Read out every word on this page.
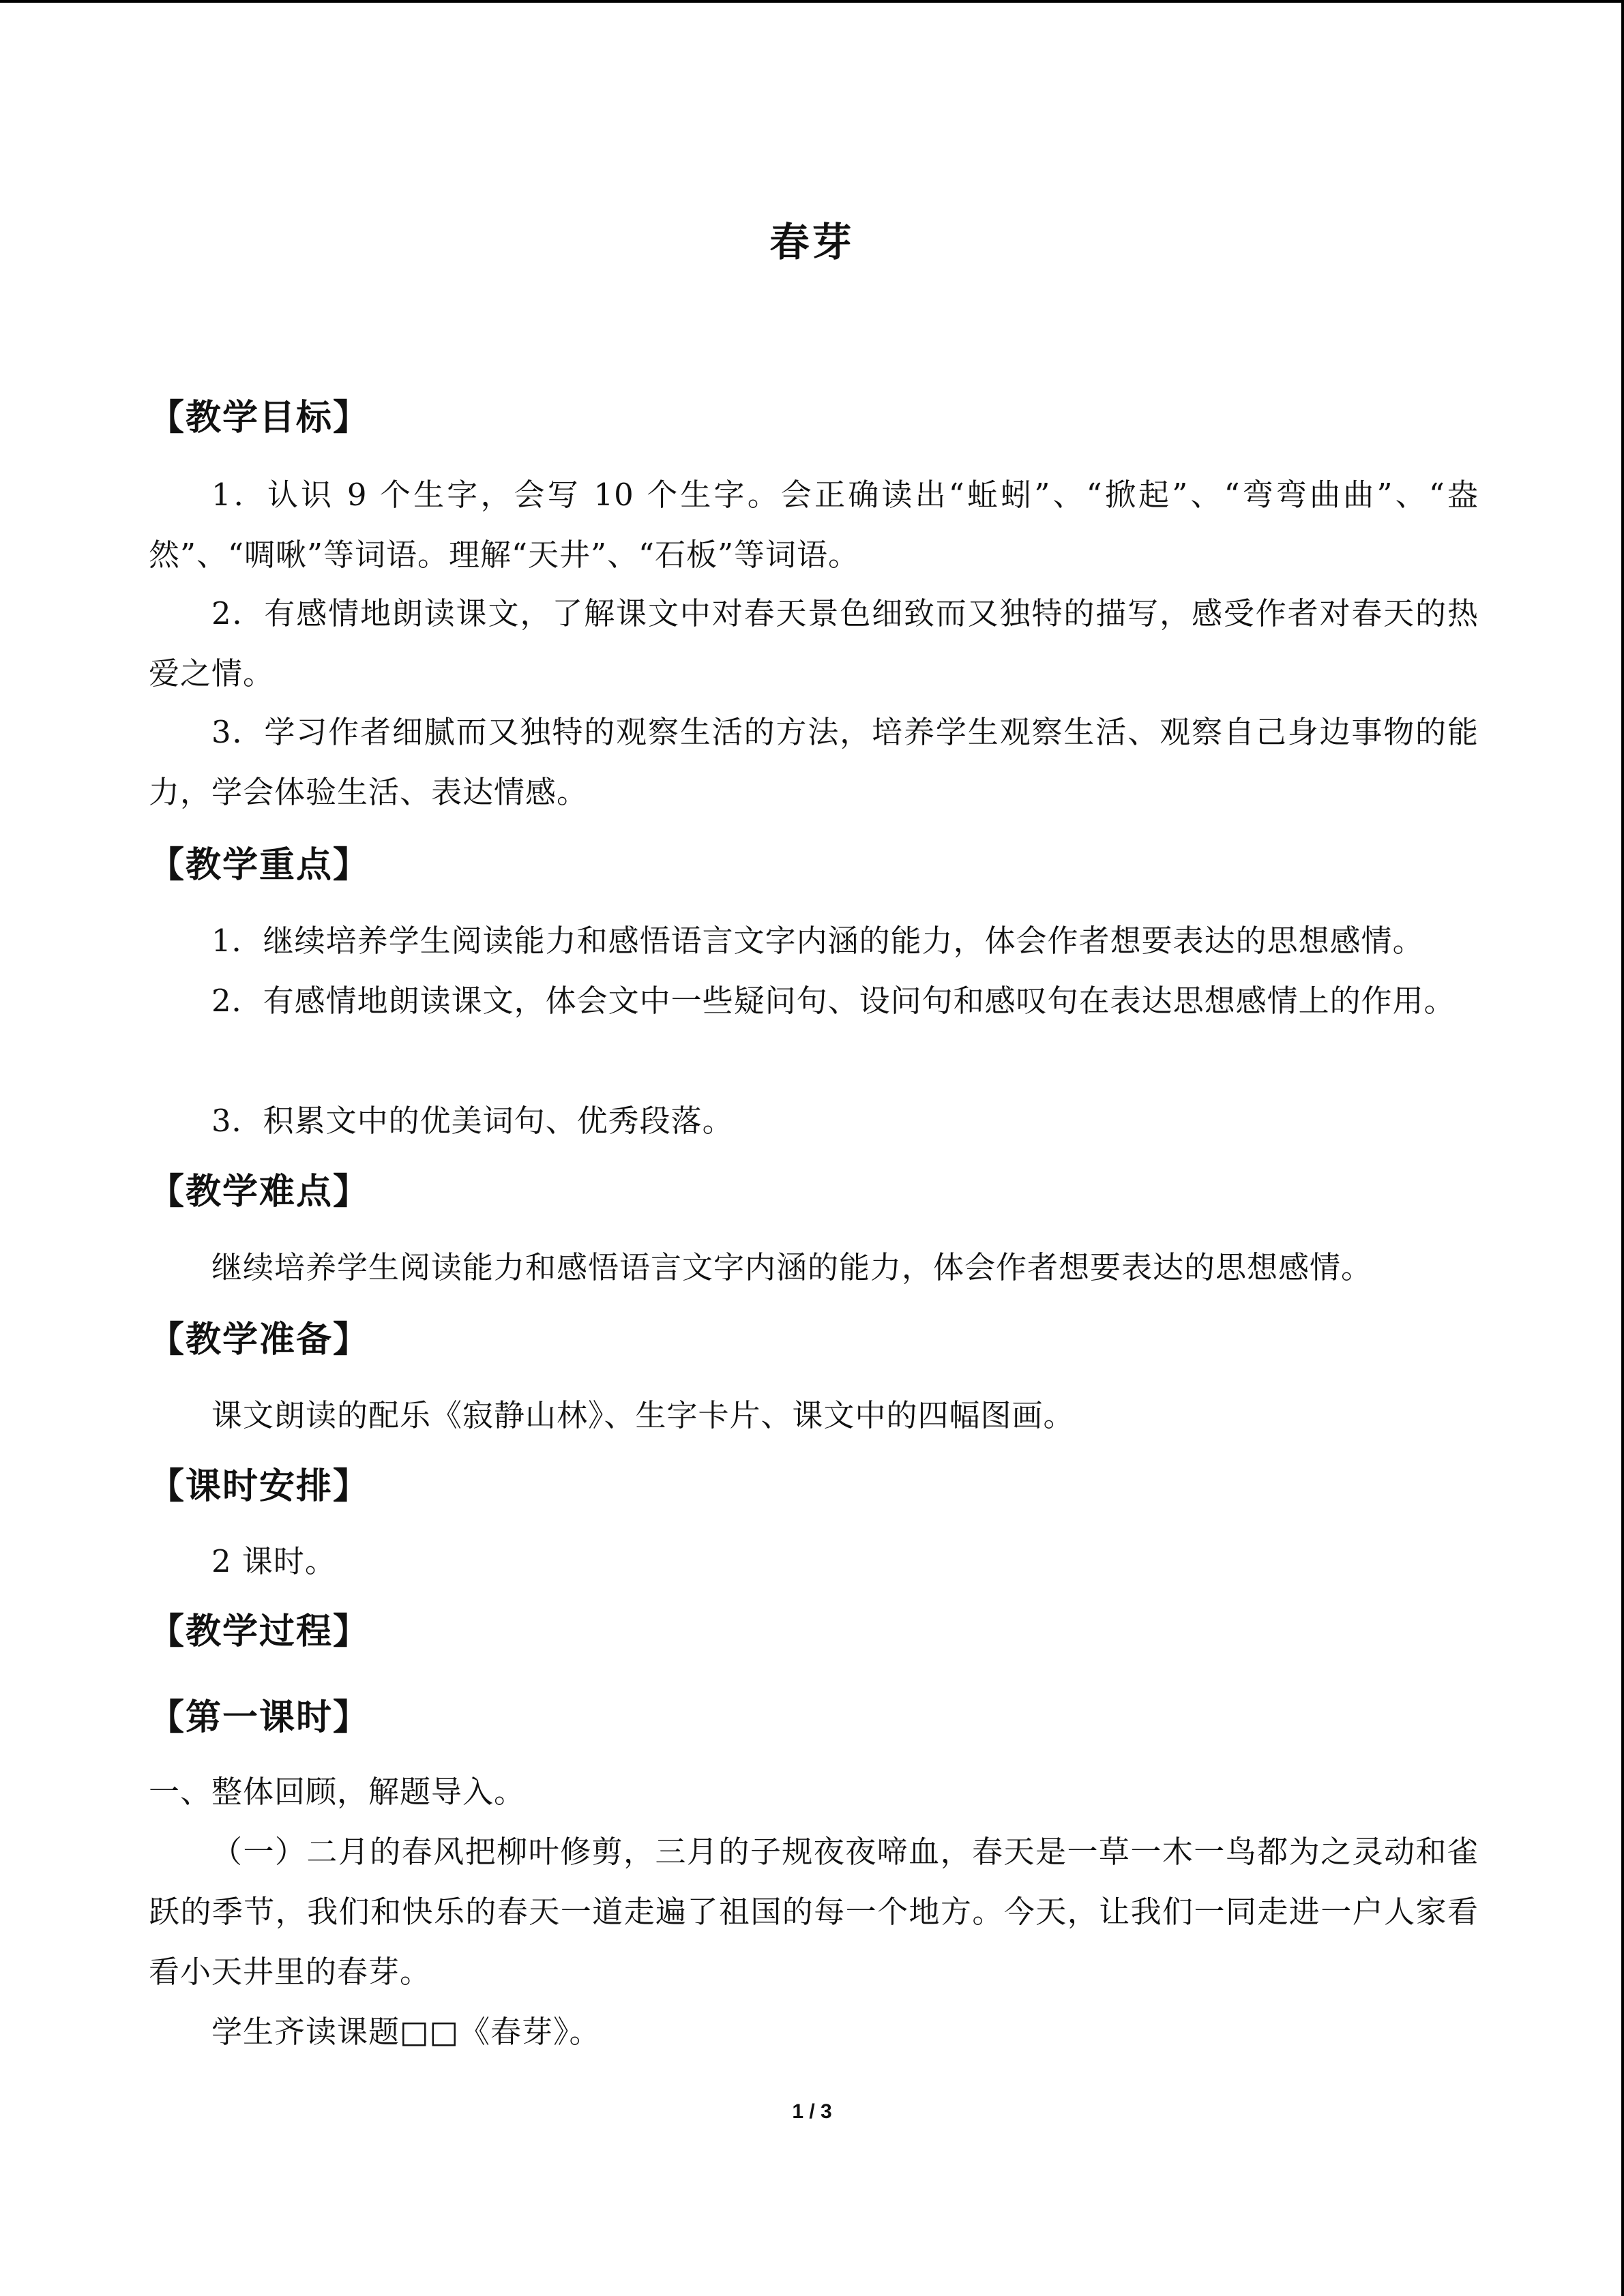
春芽
【教学目标】
1．认识 9 个生字，会写 10 个生字。会正确读出“蚯蚓”、“掀起”、“弯弯曲曲”、“盎然”、“啁啾”等词语。理解“天井”、“石板”等词语。
2．有感情地朗读课文，了解课文中对春天景色细致而又独特的描写，感受作者对春天的热爱之情。
3．学习作者细腻而又独特的观察生活的方法，培养学生观察生活、观察自己身边事物的能力，学会体验生活、表达情感。
【教学重点】
1．继续培养学生阅读能力和感悟语言文字内涵的能力，体会作者想要表达的思想感情。
2．有感情地朗读课文，体会文中一些疑问句、设问句和感叹句在表达思想感情上的作用。
3．积累文中的优美词句、优秀段落。
【教学难点】
继续培养学生阅读能力和感悟语言文字内涵的能力，体会作者想要表达的思想感情。
【教学准备】
课文朗读的配乐《寂静山林》、生字卡片、课文中的四幅图画。
【课时安排】
2 课时。
【教学过程】
【第一课时】
一、整体回顾，解题导入。
（一）二月的春风把柳叶修剪，三月的子规夜夜啼血，春天是一草一木一鸟都为之灵动和雀跃的季节，我们和快乐的春天一道走遍了祖国的每一个地方。今天，让我们一同走进一户人家看看小天井里的春芽。
学生齐读课题□□《春芽》。
1 / 3
